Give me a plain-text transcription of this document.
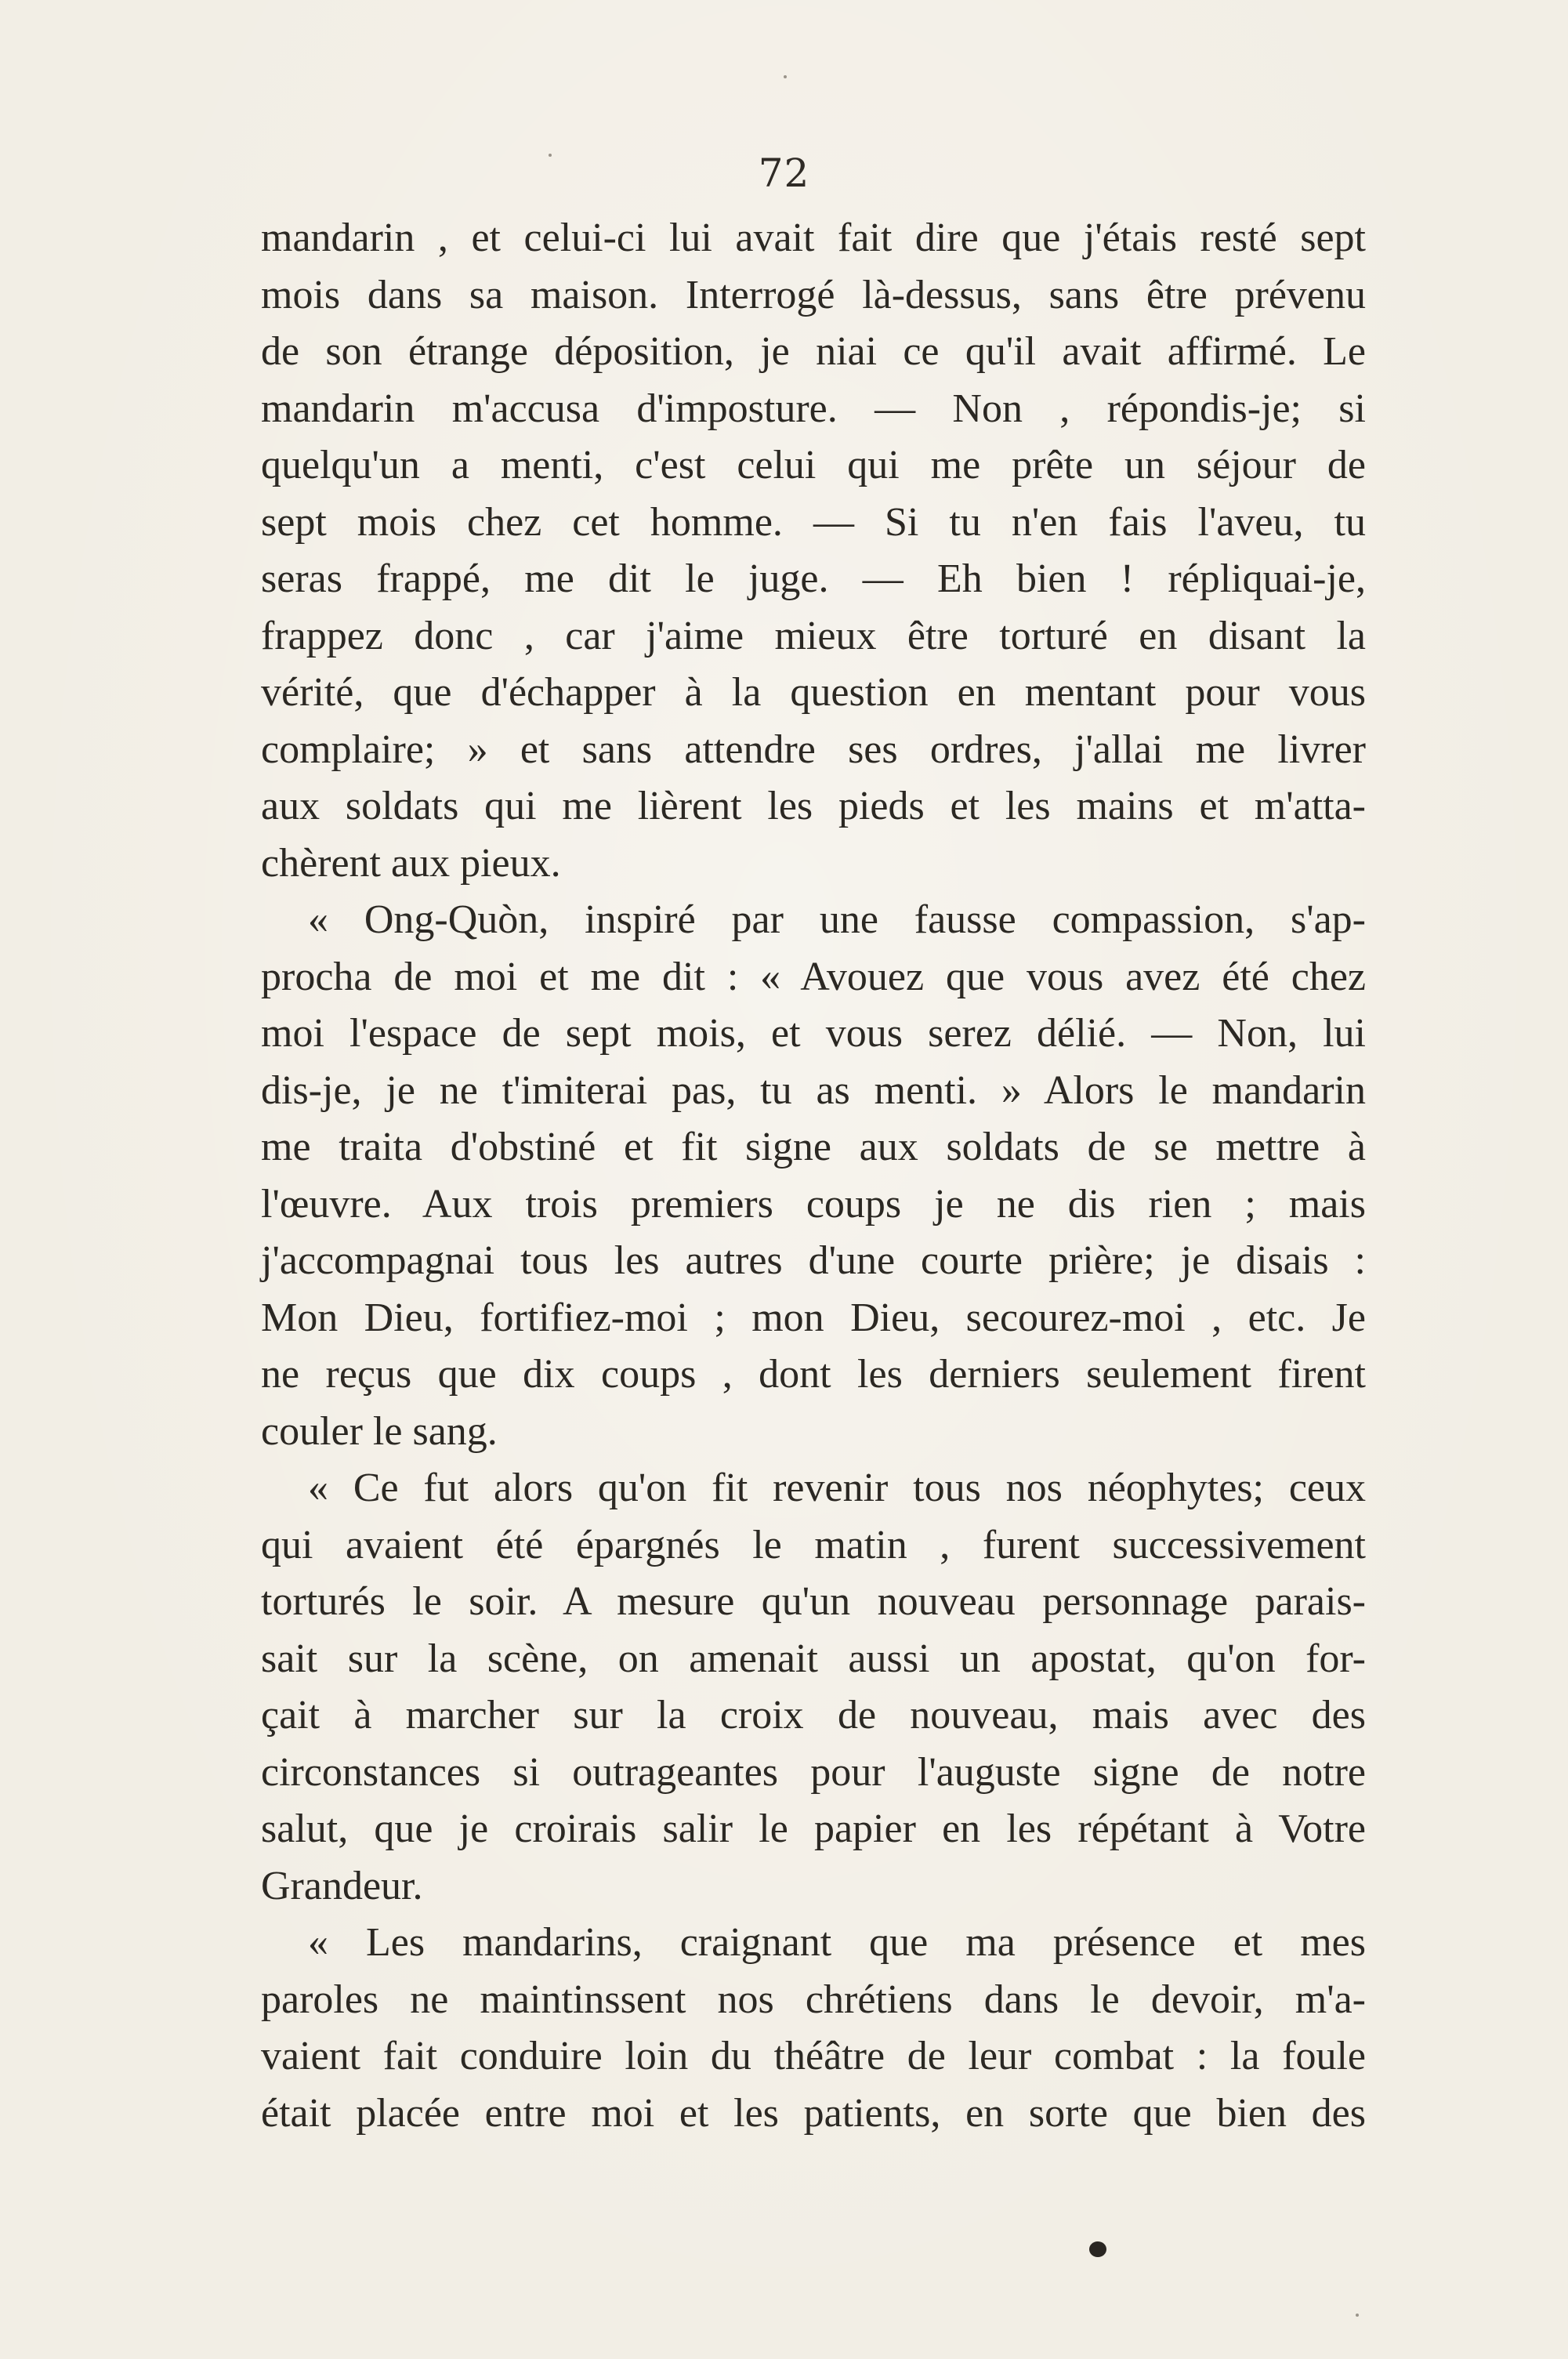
72
mandarin , et celui-ci lui avait fait dire que j'étais resté sept
mois dans sa maison. Interrogé là-dessus, sans être prévenu
de son étrange déposition, je niai ce qu'il avait affirmé. Le
mandarin m'accusa d'imposture. — Non , répondis-je; si
quelqu'un a menti, c'est celui qui me prête un séjour de
sept mois chez cet homme. — Si tu n'en fais l'aveu, tu
seras frappé, me dit le juge. — Eh bien ! répliquai-je,
frappez donc , car j'aime mieux être torturé en disant la
vérité, que d'échapper à la question en mentant pour vous
complaire; » et sans attendre ses ordres, j'allai me livrer
aux soldats qui me lièrent les pieds et les mains et m'atta-
chèrent aux pieux.
« Ong-Quòn, inspiré par une fausse compassion, s'ap-
procha de moi et me dit : « Avouez que vous avez été chez
moi l'espace de sept mois, et vous serez délié. — Non, lui
dis-je, je ne t'imiterai pas, tu as menti. » Alors le mandarin
me traita d'obstiné et fit signe aux soldats de se mettre à
l'œuvre. Aux trois premiers coups je ne dis rien ; mais
j'accompagnai tous les autres d'une courte prière; je disais :
Mon Dieu, fortifiez-moi ; mon Dieu, secourez-moi , etc. Je
ne reçus que dix coups , dont les derniers seulement firent
couler le sang.
« Ce fut alors qu'on fit revenir tous nos néophytes; ceux
qui avaient été épargnés le matin , furent successivement
torturés le soir. A mesure qu'un nouveau personnage parais-
sait sur la scène, on amenait aussi un apostat, qu'on for-
çait à marcher sur la croix de nouveau, mais avec des
circonstances si outrageantes pour l'auguste signe de notre
salut, que je croirais salir le papier en les répétant à Votre
Grandeur.
« Les mandarins, craignant que ma présence et mes
paroles ne maintinssent nos chrétiens dans le devoir, m'a-
vaient fait conduire loin du théâtre de leur combat : la foule
était placée entre moi et les patients, en sorte que bien des
